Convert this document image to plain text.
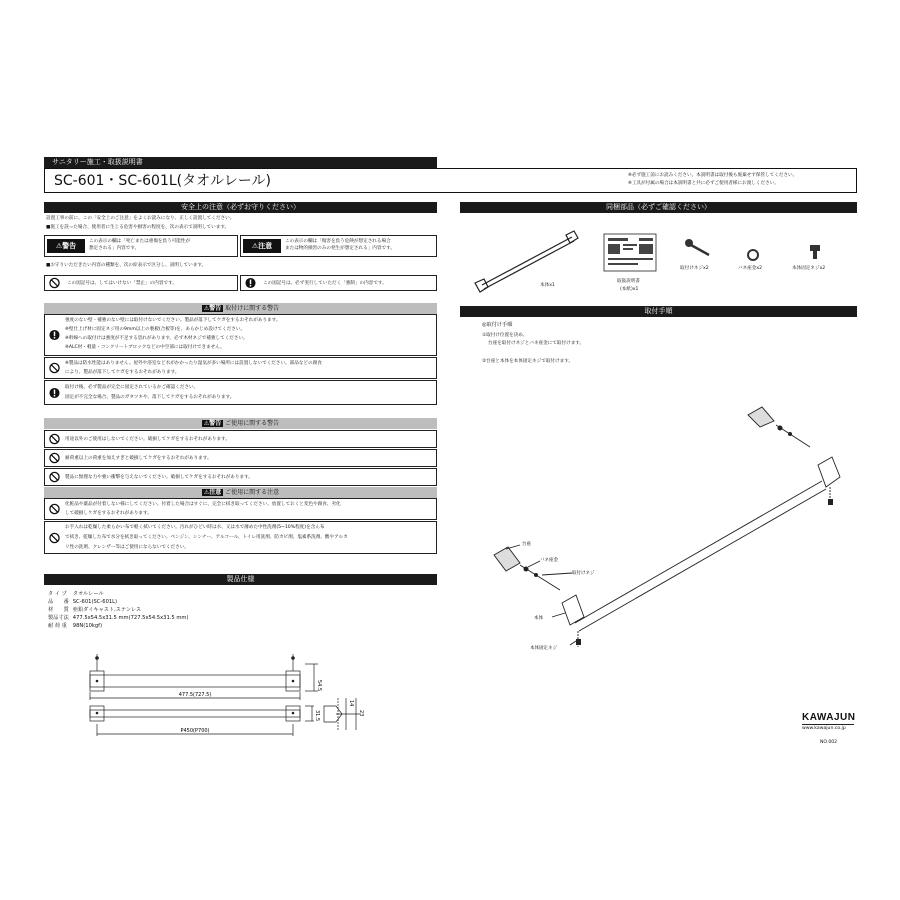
サニタリー施工・取扱説明書
SC-601・SC-601L(タオルレール)	※必ず施工前にお読みください。本説明書は取付後も廃棄せず保管してください。
※工具が付属の場合は本説明書と共に必ずご使用者様にお渡しください。
安全上の注意（必ずお守りください）
設置工事の前に、この「安全上のご注意」をよくお読みになり、正しく設置してください。
■施工を誤った場合、使用者に生じる危害や損害の程度を、次の表示で説明しています。
⚠警告
この表示の欄は「死亡または重傷を負う可能性が
想定される」内容です。	⚠注意
この表示の欄は「傷害を負う危険が想定される場合
または物的損害のみの発生が想定される」内容です。
■お守りいただきたい内容の種類を、次の絵表示で区分し、説明しています。
この図記号は、してはいけない「禁止」の内容です。	この図記号は、必ず実行していただく「強制」の内容です。
⚠警告 取付けに関する警告
強度のない壁・補強のない壁には取付けないでください。製品が落下してケガをするおそれがあります。
※壁仕上げ材に固定ネジ用の9mm以上の裏板(合板等)を、あらかじめ設けてください。
※幹線への取付けは強度が不足する恐れがあります。必ず木材ネジで補強してください。
※ALC材・軽量・コンクリートブロックなどの中空部には取付けできません。
※製品は防水性能はありません。屋外や浴室など水がかかったり湿気が多い場所には設置しないでください。部品などの腐食
により、製品が落下してケガをするおそれがあります。
取付け後、必ず製品が完全に固定されているかご確認ください。
固定が不完全な場合、製品のガタツキや、落下してケガをするおそれがあります。
⚠警告 ご使用に関する警告
用途以外のご使用はしないでください。破損してケガをするおそれがあります。
耐荷重以上の荷重を加えすぎと破損してケガをするおそれがあります。
製品に無理な力や強い衝撃を与えないでください。破損してケガをするおそれがあります。
⚠注意 ご使用に関する注意
化粧品や薬品が付着しない様にしてください。付着した場合はすぐに、完全に拭き取ってください。放置しておくと変色や腐食、劣化
して破損しケガをするおそれがあります。
お手入れは乾燥した柔らかい布で軽く拭いてください。汚れがひどい時は水、又は水で薄めた中性洗剤(5~10%程度)を含ん布
で拭き、乾燥した布で水分を拭き取ってください。ベンジン、シンナー、アルコール、トイレ用洗剤、防カビ剤、塩素系洗剤、酸やアルカ
リ性の洗剤、クレンザー等はご使用にならないでください。
製品仕様
タ イ プ	タオルレール
品　　番	SC-601(SC-601L)
材　　質	亜鉛ダイキャスト,ステンレス
製品寸法	477.5x54.5x31.5 mm(727.5x54.5x31.5 mm)
耐 荷 重	98N(10kgf)
477.5(727.5)
P450(P700)
54.5
31.5
14
23
同梱部品（必ずご確認ください）
本体x1
取扱説明書
(本紙)x1
取付けネジx2	バネ座金x2	本体固定ネジx2
取付手順
◎取付け手順
①取付け位置を決め、
台座を取付けネジとバネ座金にて取付けます。
②台座と本体を本体固定ネジで取付けます。
台座
バネ座金
取付けネジ
本体
本体固定ネジ
KAWAJUN
www.kawajun.co.jp
NO.002
